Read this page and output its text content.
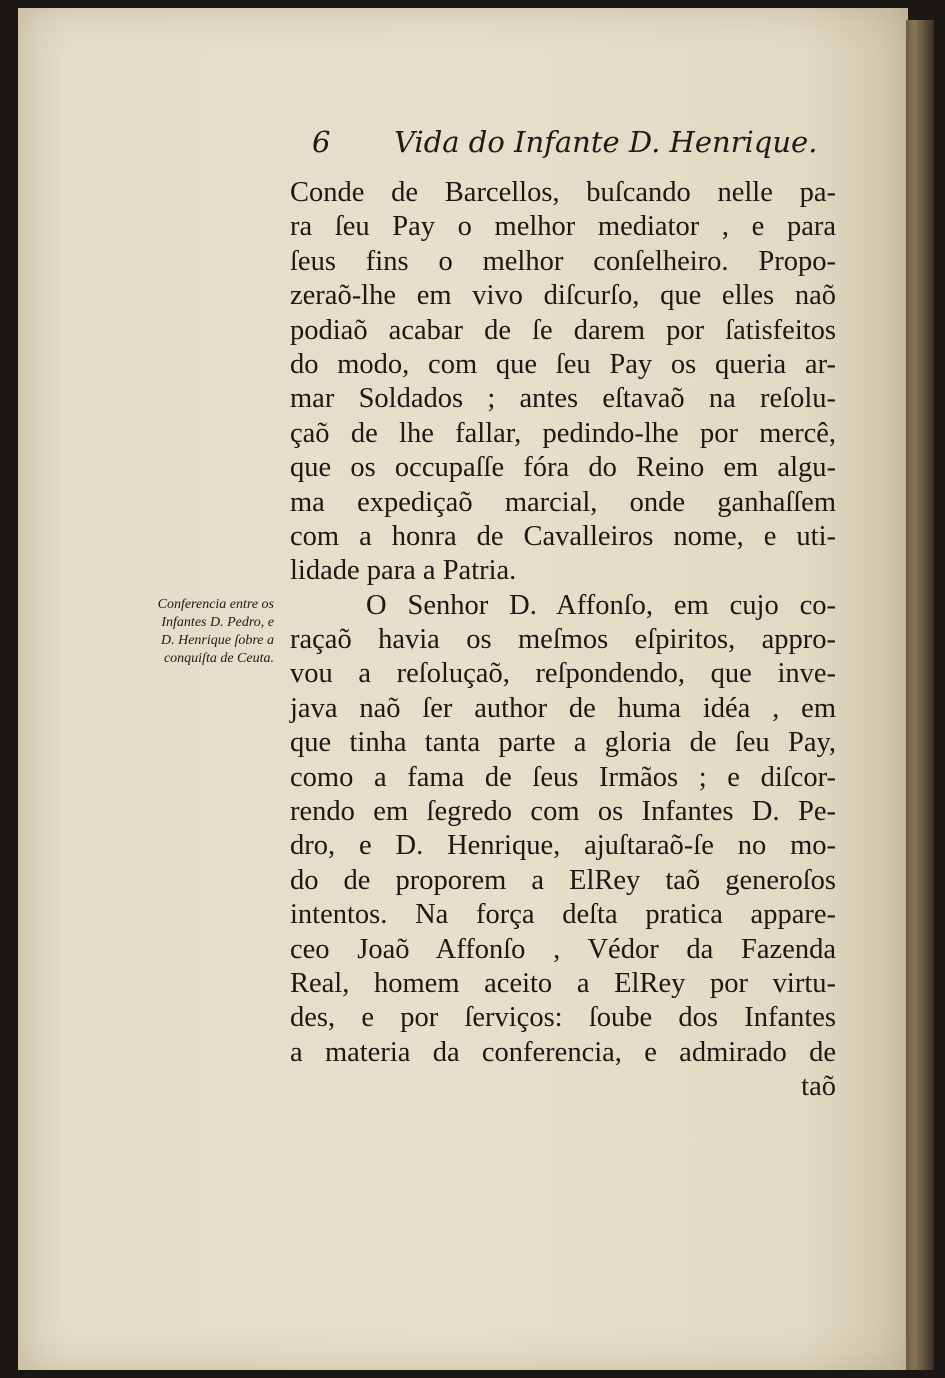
6 Vida do Infante D. Henrique.
Conferencia entre os
Infantes D. Pedro, e
D. Henrique ſobre a
conquiſta de Ceuta.
Conde de Barcellos, buſcando nelle pa-
ra ſeu Pay o melhor mediator , e para
ſeus fins o melhor conſelheiro. Propo-
zeraõ-lhe em vivo diſcurſo, que elles naõ
podiaõ acabar de ſe darem por ſatisfeitos
do modo, com que ſeu Pay os queria ar-
mar Soldados ; antes eſtavaõ na reſolu-
çaõ de lhe fallar, pedindo-lhe por mercê,
que os occupaſſe fóra do Reino em algu-
ma expediçaõ marcial, onde ganhaſſem
com a honra de Cavalleiros nome, e uti-
lidade para a Patria.
O Senhor D. Affonſo, em cujo co-
raçaõ havia os meſmos eſpiritos, appro-
vou a reſoluçaõ, reſpondendo, que inve-
java naõ ſer author de huma idéa , em
que tinha tanta parte a gloria de ſeu Pay,
como a fama de ſeus Irmãos ; e diſcor-
rendo em ſegredo com os Infantes D. Pe-
dro, e D. Henrique, ajuſtaraõ-ſe no mo-
do de proporem a ElRey taõ generoſos
intentos. Na força deſta pratica appare-
ceo Joaõ Affonſo , Védor da Fazenda
Real, homem aceito a ElRey por virtu-
des, e por ſerviços: ſoube dos Infantes
a materia da conferencia, e admirado de
taõ
